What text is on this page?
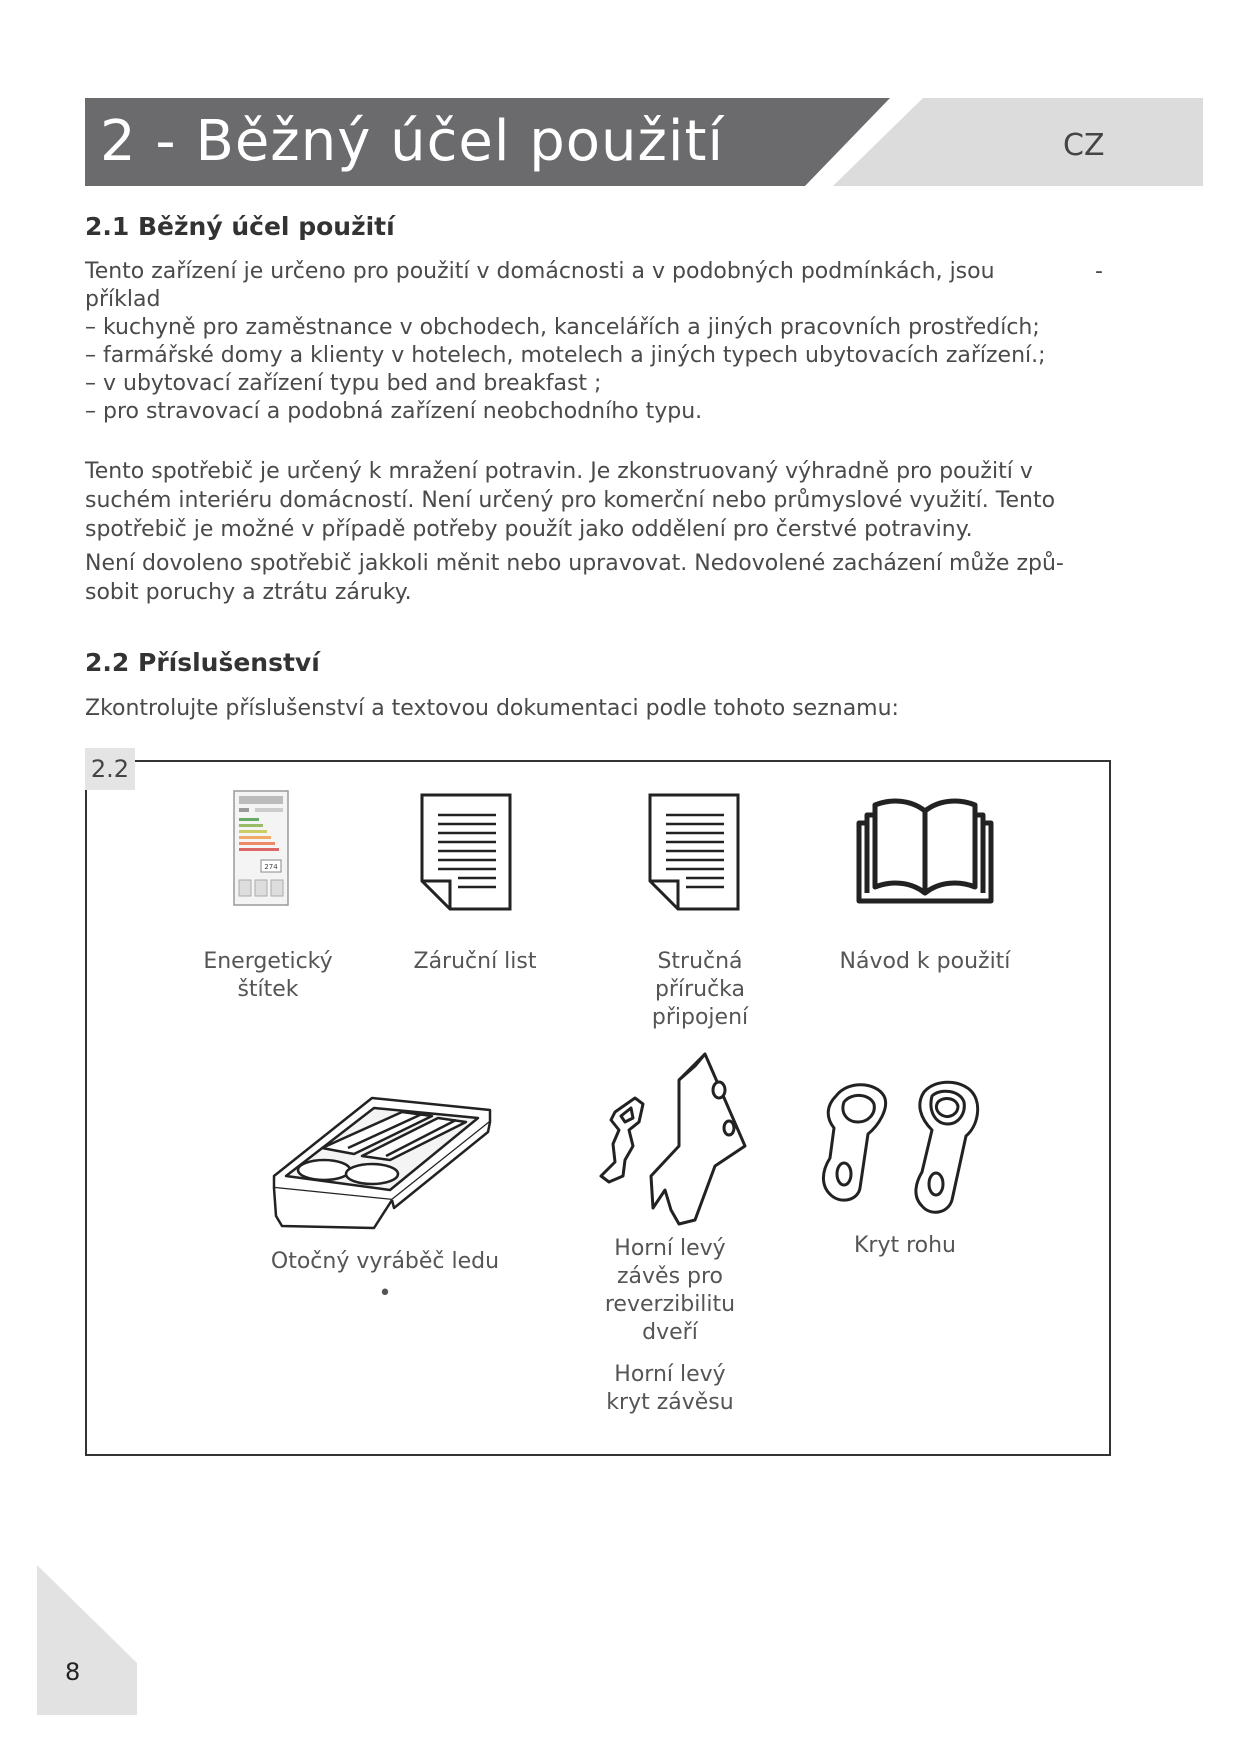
2 - Běžný účel použití	CZ
2.1 Běžný účel použití
Tento zařízení je určeno pro použití v domácnosti a v podobných podmínkách, jsou	-
příklad
– kuchyně pro zaměstnance v obchodech, kancelářích a jiných pracovních prostředích;
– farmářské domy a klienty v hotelech, motelech a jiných typech ubytovacích zařízení.;
– v ubytovací zařízení typu bed and breakfast ;
– pro stravovací a podobná zařízení neobchodního typu.
Tento spotřebič je určený k mražení potravin. Je zkonstruovaný výhradně pro použití v
suchém interiéru domácností. Není určený pro komerční nebo průmyslové využití. Tento
spotřebič je možné v případě potřeby použít jako oddělení pro čerstvé potraviny.
Není dovoleno spotřebič jakkoli měnit nebo upravovat. Nedovolené zacházení může způ-
sobit poruchy a ztrátu záruky.
2.2 Příslušenství
Zkontrolujte příslušenství a textovou dokumentaci podle tohoto seznamu:
2.2
274
Energetický
štítek
Záruční list	Stručná
příručka
připojení
Návod k použití
Otočný vyráběč ledu
•
Horní levý
závěs pro
reverzibilitu
dveří
Horní levý
kryt závěsu
Kryt rohu
8
